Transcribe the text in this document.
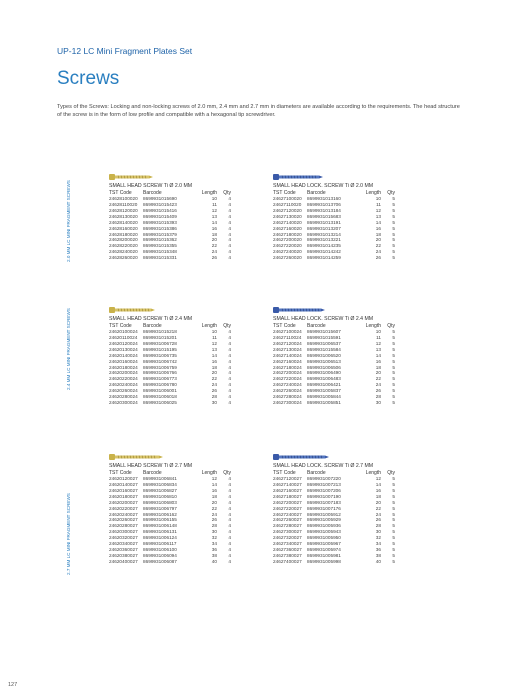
UP-12 LC Mini Fragment Plates Set
Screws
Types of the Screws: Locking and non-locking screws of 2.0 mm, 2.4 mm and 2.7 mm in diameters are available according to the requirements. The head structure of the screw is in the form of low profile and compatible with a hexagonal tip screwdriver.
2.0 MM LC MINI FRAGMENT SCREWS	SMALL HEAD SCREW Ti Ø 2.0 MM
TST Code	Barcode	Length	Qty
24628100020	8699931015690	10	4
24628110020	8699931015423	11	4
24628120020	8699931015416	12	4
24628130020	8699931015409	13	4
24628140020	8699931015393	14	4
24628160020	8699931015386	16	4
24628180020	8699931015379	18	4
24628200020	8699931015362	20	4
24628220020	8699931015355	22	4
24628240020	8699931015348	24	4
24628260020	8699931015331	26	4
SMALL HEAD LOCK. SCREW Ti Ø 2.0 MM
TST Code	Barcode	Length	Qty
24627100020	8699931013160	10	5
24627110020	8699931013706	11	5
24627120020	8699931013184	12	5
24627130020	8699931015683	13	5
24627140020	8699931013191	14	5
24627160020	8699931013207	16	5
24627180020	8699931013214	18	5
24627200020	8699931013221	20	5
24627220020	8699931014235	22	5
24627240020	8699931014242	24	5
24627260020	8699931014259	26	5
2.4 MM LC MINI FRAGMENT SCREWS	SMALL HEAD SCREW Ti Ø 2.4 MM
TST Code	Barcode	Length	Qty
24620100024	8699931015218	10	4
24620110024	8699931015201	11	4
24620120024	8699931006728	12	4
24620130024	8699931015195	13	4
24620140024	8699931006735	14	4
24620160024	8699931006742	16	4
24620180024	8699931006759	18	4
24620200024	8699931006766	20	4
24620220024	8699931006773	22	4
24620240024	8699931006780	24	4
24620260024	8699931006001	26	4
24620280024	8699931006018	28	4
24620300024	8699931006025	30	4
SMALL HEAD LOCK. SCREW Ti Ø 2.4 MM
TST Code	Barcode	Length	Qty
24627100024	8699931015607	10	5
24627110024	8699931015591	11	5
24627120024	8699931006537	12	5
24627130024	8699931015584	13	5
24627140024	8699931006520	14	5
24627160024	8699931006513	16	5
24627180024	8699931006506	18	5
24627200024	8699931006490	20	5
24627220024	8699931006483	22	5
24627240024	8699931006421	24	5
24627260024	8699931005837	26	5
24627280024	8699931005844	28	5
24627300024	8699931005851	30	5
2.7 MM LC MINI FRAGMENT SCREWS
SMALL HEAD SCREW Ti Ø 2.7 MM
TST Code	Barcode	Length	Qty
24620120027	8699931006841	12	4
24620140027	8699931006834	14	4
24620160027	8699931006827	16	4
24620180027	8699931006810	18	4
24620200027	8699931006803	20	4
24620220027	8699931006797	22	4
24620240027	8699931006162	24	4
24620260027	8699931006155	26	4
24620280027	8699931006148	28	4
24620300027	8699931006131	30	4
24620320027	8699931006124	32	4
24620340027	8699931006117	34	4
24620360027	8699931006100	36	4
24620380027	8699931006094	38	4
24620400027	8699931006087	40	4
SMALL HEAD LOCK. SCREW Ti Ø 2.7 MM
TST Code	Barcode	Length	Qty
24627120027	8699931007220	12	5
24627140027	8699931007213	14	5
24627160027	8699931007206	16	5
24627180027	8699931007190	18	5
24627200027	8699931007183	20	5
24627220027	8699931007176	22	5
24627240027	8699931005912	24	5
24627260027	8699931005929	26	5
24627280027	8699931005936	28	5
24627300027	8699931005943	30	5
24627320027	8699931005950	32	5
24627340027	8699931005967	34	5
24627360027	8699931005974	36	5
24627380027	8699931005981	38	5
24627400027	8699931005998	40	5
127
